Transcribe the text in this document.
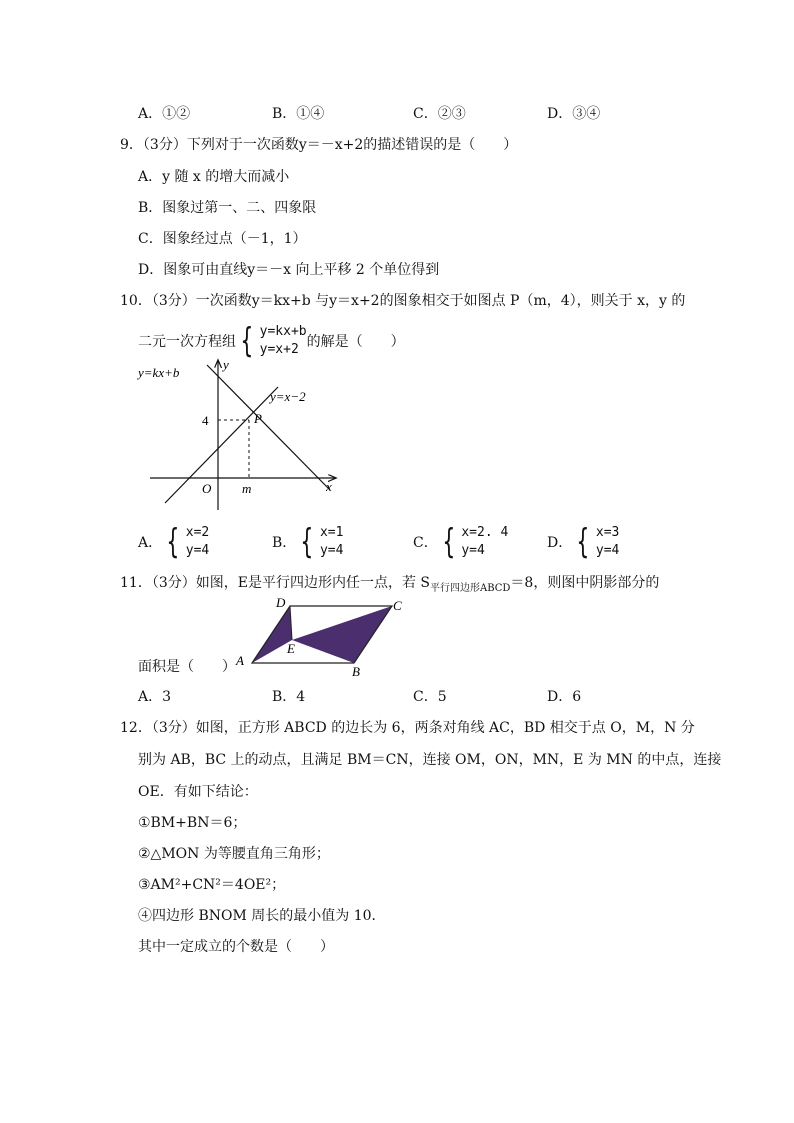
A．①②	B．①④	C．②③	D．③④
9．（3分）下列对于一次函数y＝－x+2的描述错误的是（　　）
A．y 随 x 的增大而减小
B．图象过第一、二、四象限
C．图象经过点（－1，1）
D．图象可由直线y＝－x 向上平移 2 个单位得到
10．（3分）一次函数y＝kx+b 与y＝x+2的图象相交于如图点 P（m，4），则关于 x，y 的
二元一次方程组 { y=kx+b
y=x+2 的解是（　　）
y=kx+b
y=x−2
y
x
O
4
m
P
A． { x=2
y=4	B． { x=1
y=4	C． { x=2. 4
y=4	D． { x=3
y=4
11．（3分）如图，E是平行四边形内任一点，若 $S_{平行四边形ABCD}=8$，则图中阴影部分的
A
B
C
D
E
面积是（　　）
A．3	B．4	C．5	D．6
12．（3分）如图，正方形 ABCD 的边长为 6，两条对角线 AC，BD 相交于点 O，M，N 分
别为 AB，BC 上的动点，且满足 BM＝CN，连接 OM，ON，MN，E 为 MN 的中点，连接
OE．有如下结论：
①BM+BN＝6；
②△MON 为等腰直角三角形；
③AM²+CN²＝4OE²；
④四边形 BNOM 周长的最小值为 10．
其中一定成立的个数是（　　）
